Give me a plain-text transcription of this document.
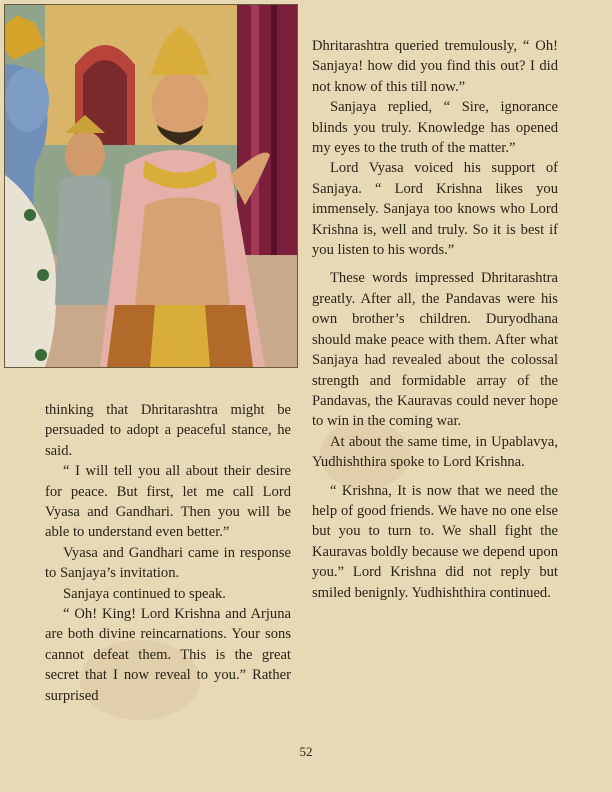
thinking that Dhritarashtra might be persuaded to adopt a peaceful stance, he said.

“ I will tell you all about their desire for peace. But first, let me call Lord Vyasa and Gandhari. Then you will be able to understand even better.”

Vyasa and Gandhari came in response to Sanjaya’s invitation.

Sanjaya continued to speak.

“ Oh! King! Lord Krishna and Arjuna are both divine reincarnations. Your sons cannot defeat them. This is the great secret that I now reveal to you.” Rather surprised

Dhritarashtra queried tremulously, “ Oh! Sanjaya! how did you find this out? I did not know of this till now.”

Sanjaya replied, “ Sire, ignorance blinds you truly. Knowledge has opened my eyes to the truth of the matter.”

Lord Vyasa voiced his support of Sanjaya. “ Lord Krishna likes you immensely. Sanjaya too knows who Lord Krishna is, well and truly. So it is best if you listen to his words.”

These words impressed Dhritarashtra greatly. After all, the Pandavas were his own brother’s children. Duryodhana should make peace with them. After what Sanjaya had revealed about the colossal strength and formidable array of the Pandavas, the Kauravas could never hope to win in the coming war.

At about the same time, in Upablavya, Yudhishthira spoke to Lord Krishna.

“ Krishna, It is now that we need the help of good friends. We have no one else but you to turn to. We shall fight the Kauravas boldly because we depend upon you.” Lord Krishna did not reply but smiled benignly. Yudhishthira continued.

52
